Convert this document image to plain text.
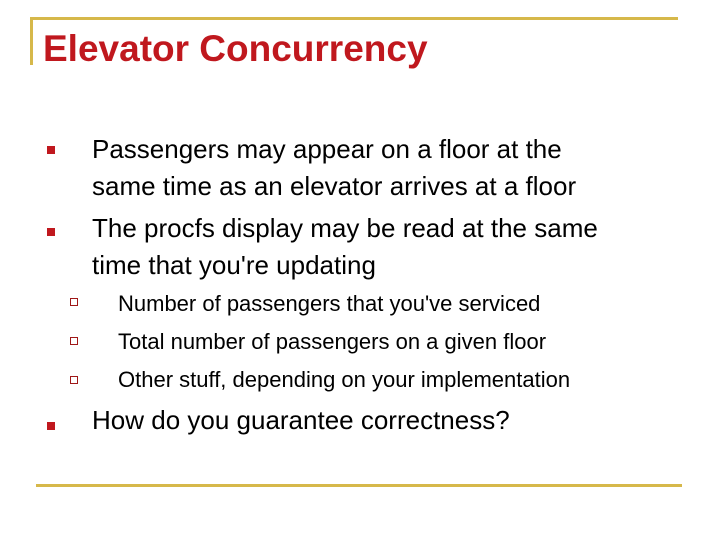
Elevator Concurrency
Passengers may appear on a floor at the
same time as an elevator arrives at a floor
The procfs display may be read at the same
time that you're updating
Number of passengers that you've serviced
Total number of passengers on a given floor
Other stuff, depending on your implementation
How do you guarantee correctness?
